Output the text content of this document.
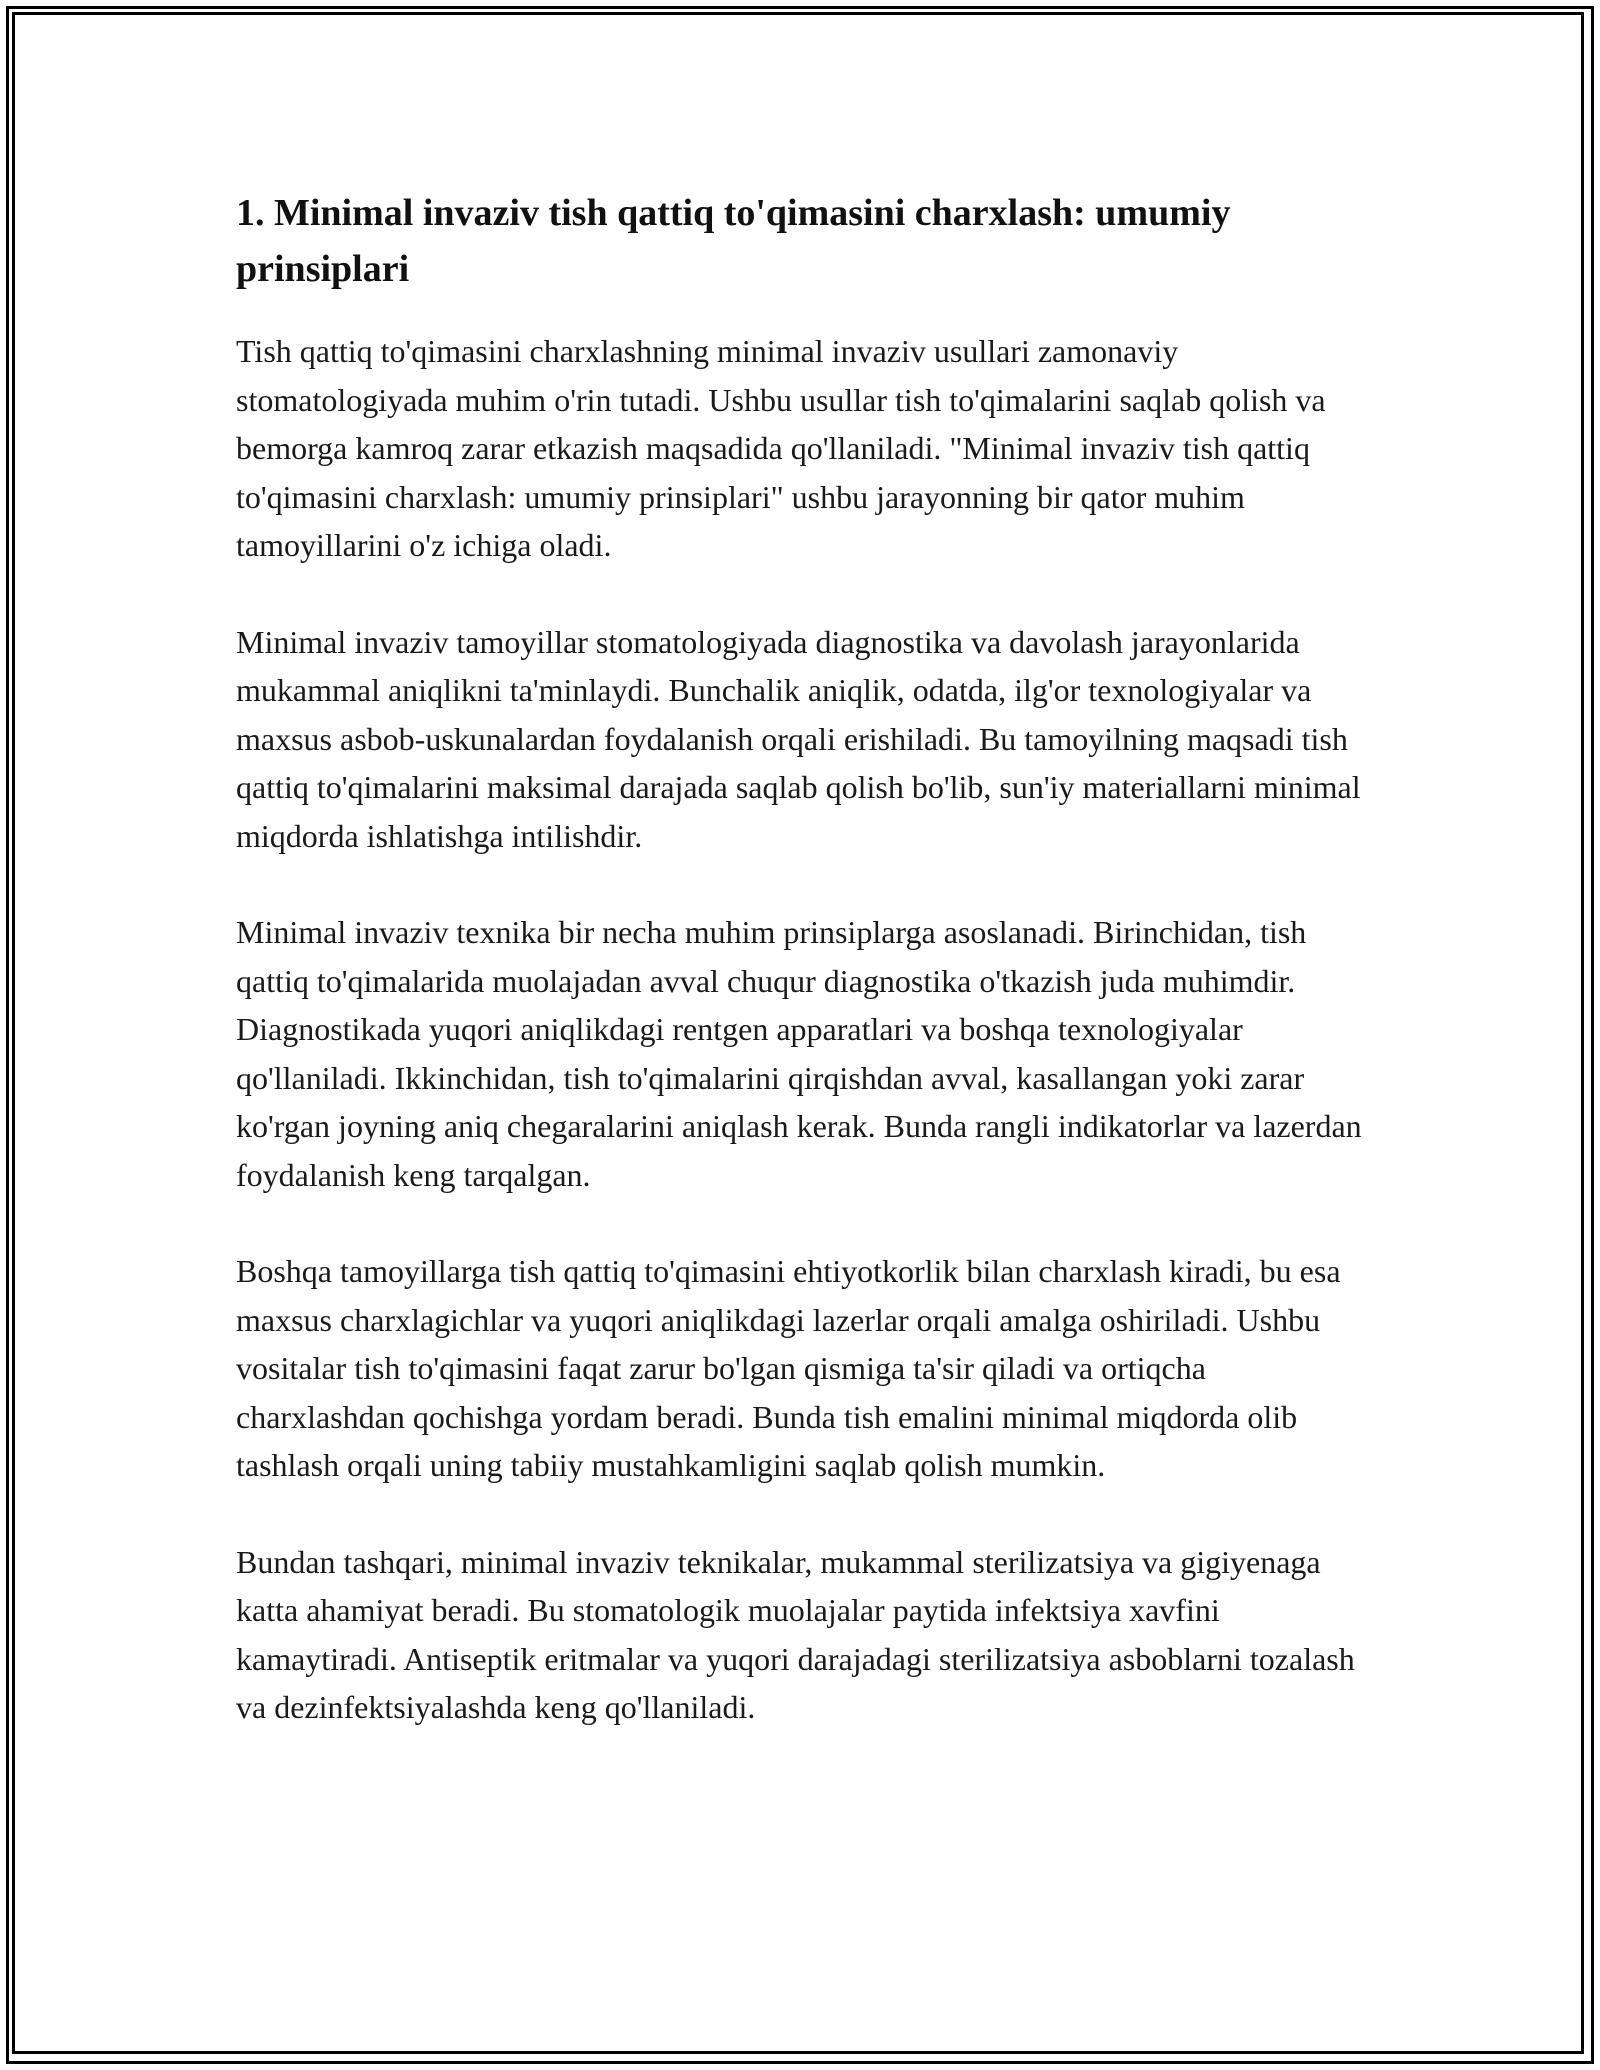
1. Minimal invaziv tish qattiq to'qimasini charxlash: umumiy prinsiplari

Tish qattiq to'qimasini charxlashning minimal invaziv usullari zamonaviy stomatologiyada muhim o'rin tutadi. Ushbu usullar tish to'qimalarini saqlab qolish va bemorga kamroq zarar etkazish maqsadida qo'llaniladi. "Minimal invaziv tish qattiq to'qimasini charxlash: umumiy prinsiplari" ushbu jarayonning bir qator muhim tamoyillarini o'z ichiga oladi.

Minimal invaziv tamoyillar stomatologiyada diagnostika va davolash jarayonlarida mukammal aniqlikni ta'minlaydi. Bunchalik aniqlik, odatda, ilg'or texnologiyalar va maxsus asbob-uskunalardan foydalanish orqali erishiladi. Bu tamoyilning maqsadi tish qattiq to'qimalarini maksimal darajada saqlab qolish bo'lib, sun'iy materiallarni minimal miqdorda ishlatishga intilishdir.

Minimal invaziv texnika bir necha muhim prinsiplarga asoslanadi. Birinchidan, tish qattiq to'qimalarida muolajadan avval chuqur diagnostika o'tkazish juda muhimdir. Diagnostikada yuqori aniqlikdagi rentgen apparatlari va boshqa texnologiyalar qo'llaniladi. Ikkinchidan, tish to'qimalarini qirqishdan avval, kasallangan yoki zarar ko'rgan joyning aniq chegaralarini aniqlash kerak. Bunda rangli indikatorlar va lazerdan foydalanish keng tarqalgan.

Boshqa tamoyillarga tish qattiq to'qimasini ehtiyotkorlik bilan charxlash kiradi, bu esa maxsus charxlagichlar va yuqori aniqlikdagi lazerlar orqali amalga oshiriladi. Ushbu vositalar tish to'qimasini faqat zarur bo'lgan qismiga ta'sir qiladi va ortiqcha charxlashdan qochishga yordam beradi. Bunda tish emalini minimal miqdorda olib tashlash orqali uning tabiiy mustahkamligini saqlab qolish mumkin.

Bundan tashqari, minimal invaziv teknikalar, mukammal sterilizatsiya va gigiyenaga katta ahamiyat beradi. Bu stomatologik muolajalar paytida infektsiya xavfini kamaytiradi. Antiseptik eritmalar va yuqori darajadagi sterilizatsiya asboblarni tozalash va dezinfektsiyalashda keng qo'llaniladi.
